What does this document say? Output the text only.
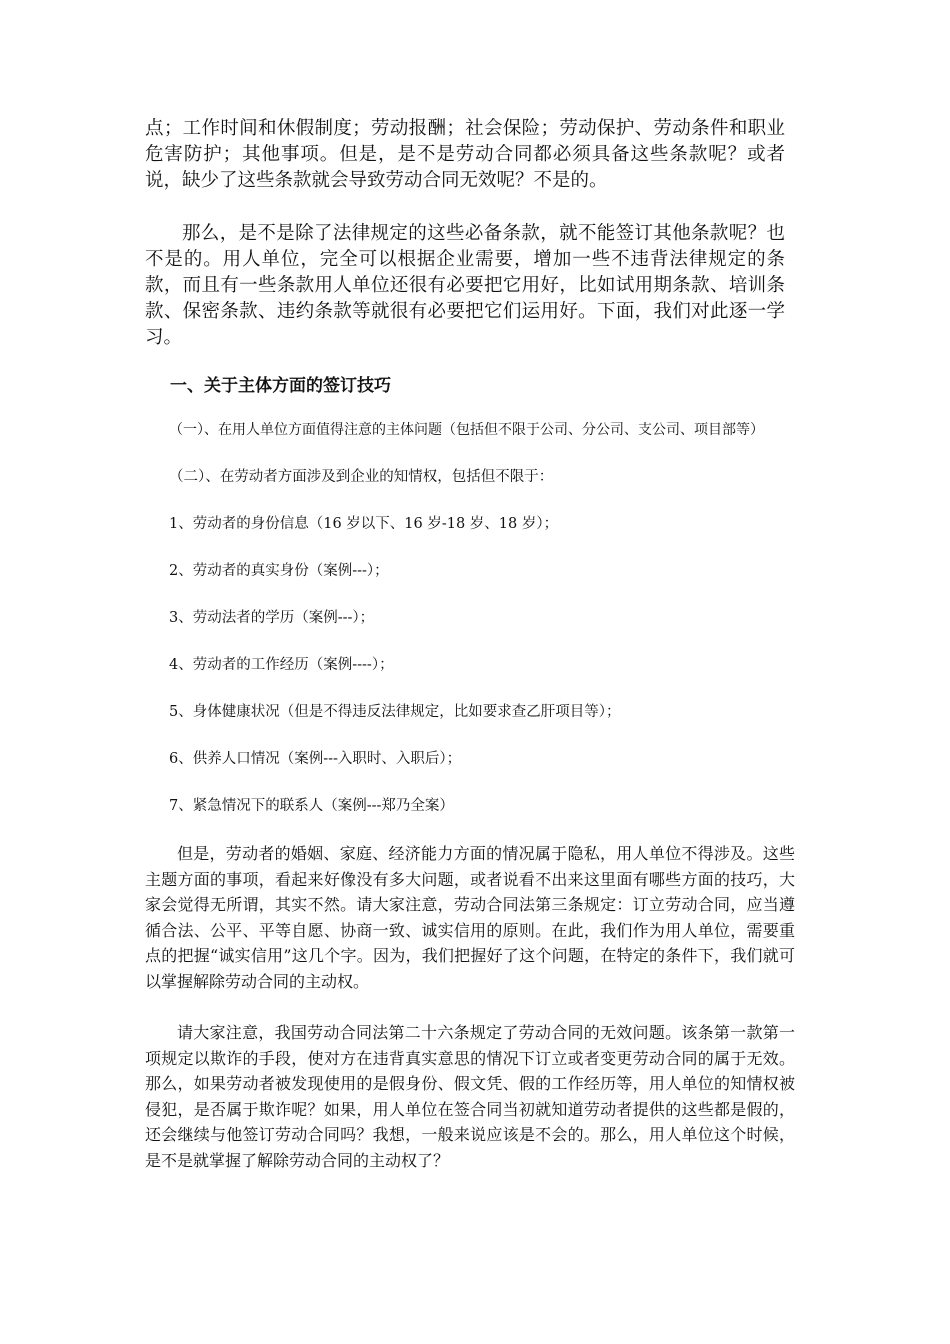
点；工作时间和休假制度；劳动报酬；社会保险；劳动保护、劳动条件和职业危害防护；其他事项。但是，是不是劳动合同都必须具备这些条款呢？或者说，缺少了这些条款就会导致劳动合同无效呢？不是的。

那么，是不是除了法律规定的这些必备条款，就不能签订其他条款呢？也不是的。用人单位，完全可以根据企业需要，增加一些不违背法律规定的条款，而且有一些条款用人单位还很有必要把它用好，比如试用期条款、培训条款、保密条款、违约条款等就很有必要把它们运用好。下面，我们对此逐一学习。

一、关于主体方面的签订技巧
（一）、在用人单位方面值得注意的主体问题（包括但不限于公司、分公司、支公司、项目部等）
（二）、在劳动者方面涉及到企业的知情权，包括但不限于：
1、劳动者的身份信息（16 岁以下、16 岁-18 岁、18 岁）；
2、劳动者的真实身份（案例---）；
3、劳动法者的学历（案例---）；
4、劳动者的工作经历（案例----）；
5、身体健康状况（但是不得违反法律规定，比如要求查乙肝项目等）；
6、供养人口情况（案例---入职时、入职后）；
7、紧急情况下的联系人（案例---郑乃全案）

但是，劳动者的婚姻、家庭、经济能力方面的情况属于隐私，用人单位不得涉及。这些主题方面的事项，看起来好像没有多大问题，或者说看不出来这里面有哪些方面的技巧，大家会觉得无所谓，其实不然。请大家注意，劳动合同法第三条规定：订立劳动合同，应当遵循合法、公平、平等自愿、协商一致、诚实信用的原则。在此，我们作为用人单位，需要重点的把握“诚实信用”这几个字。因为，我们把握好了这个问题，在特定的条件下，我们就可以掌握解除劳动合同的主动权。

请大家注意，我国劳动合同法第二十六条规定了劳动合同的无效问题。该条第一款第一项规定以欺诈的手段，使对方在违背真实意思的情况下订立或者变更劳动合同的属于无效。那么，如果劳动者被发现使用的是假身份、假文凭、假的工作经历等，用人单位的知情权被侵犯，是否属于欺诈呢？如果，用人单位在签合同当初就知道劳动者提供的这些都是假的，还会继续与他签订劳动合同吗？我想，一般来说应该是不会的。那么，用人单位这个时候，是不是就掌握了解除劳动合同的主动权了？
